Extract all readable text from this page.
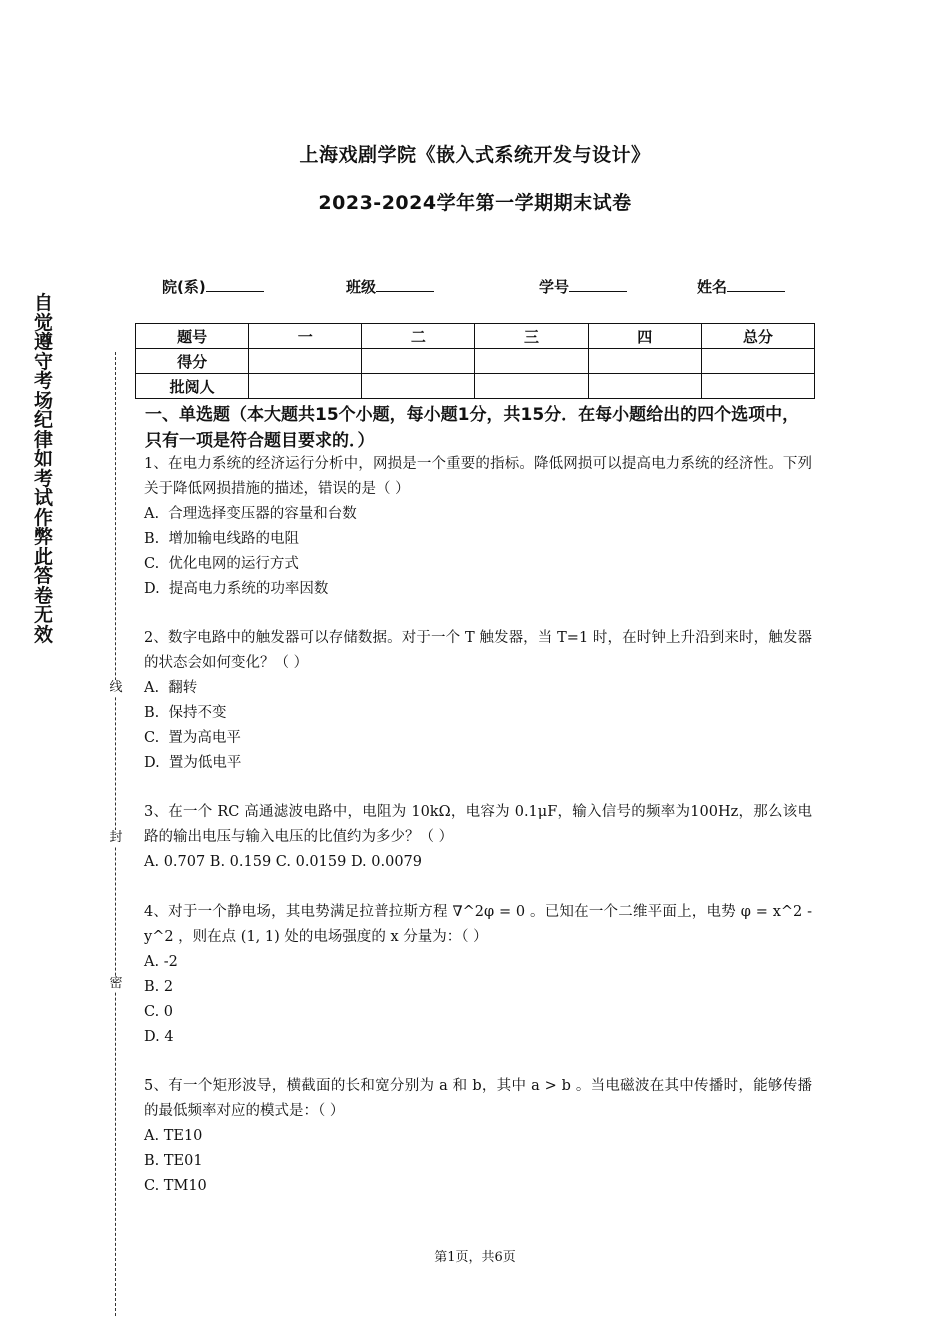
上海戏剧学院《嵌入式系统开发与设计》
2023-2024学年第一学期期末试卷
院(系)	班级	学号	姓名
题号	一	二	三	四	总分
得分					
批阅人					
一、单选题（本大题共15个小题，每小题1分，共15分．在每小题给出的四个选项中，只有一项是符合题目要求的．）
1、在电力系统的经济运行分析中，网损是一个重要的指标。降低网损可以提高电力系统的经济性。下列关于降低网损措施的描述，错误的是（ ）
A.  合理选择变压器的容量和台数
B.  增加输电线路的电阻
C.  优化电网的运行方式
D.  提高电力系统的功率因数
2、数字电路中的触发器可以存储数据。对于一个 T 触发器，当 T=1 时，在时钟上升沿到来时，触发器的状态会如何变化？（ ）
A.  翻转
B.  保持不变
C.  置为高电平
D.  置为低电平
3、在一个 RC 高通滤波电路中，电阻为 10kΩ，电容为 0.1μF，输入信号的频率为100Hz，那么该电路的输出电压与输入电压的比值约为多少？（ ）
A. 0.707 B. 0.159 C. 0.0159 D. 0.0079
4、对于一个静电场，其电势满足拉普拉斯方程 ∇^2φ = 0 。已知在一个二维平面上，电势 φ = x^2 - y^2 ，则在点 (1, 1) 处的电场强度的 x 分量为：（ ）
A. -2
B. 2
C. 0
D. 4
5、有一个矩形波导，横截面的长和宽分别为 a 和 b，其中 a > b 。当电磁波在其中传播时，能够传播的最低频率对应的模式是：（ ）
A. TE10
B. TE01
C. TM10
自觉遵守考场纪律如考试作弊此答卷无效
线
封
密
第1页，共6页
